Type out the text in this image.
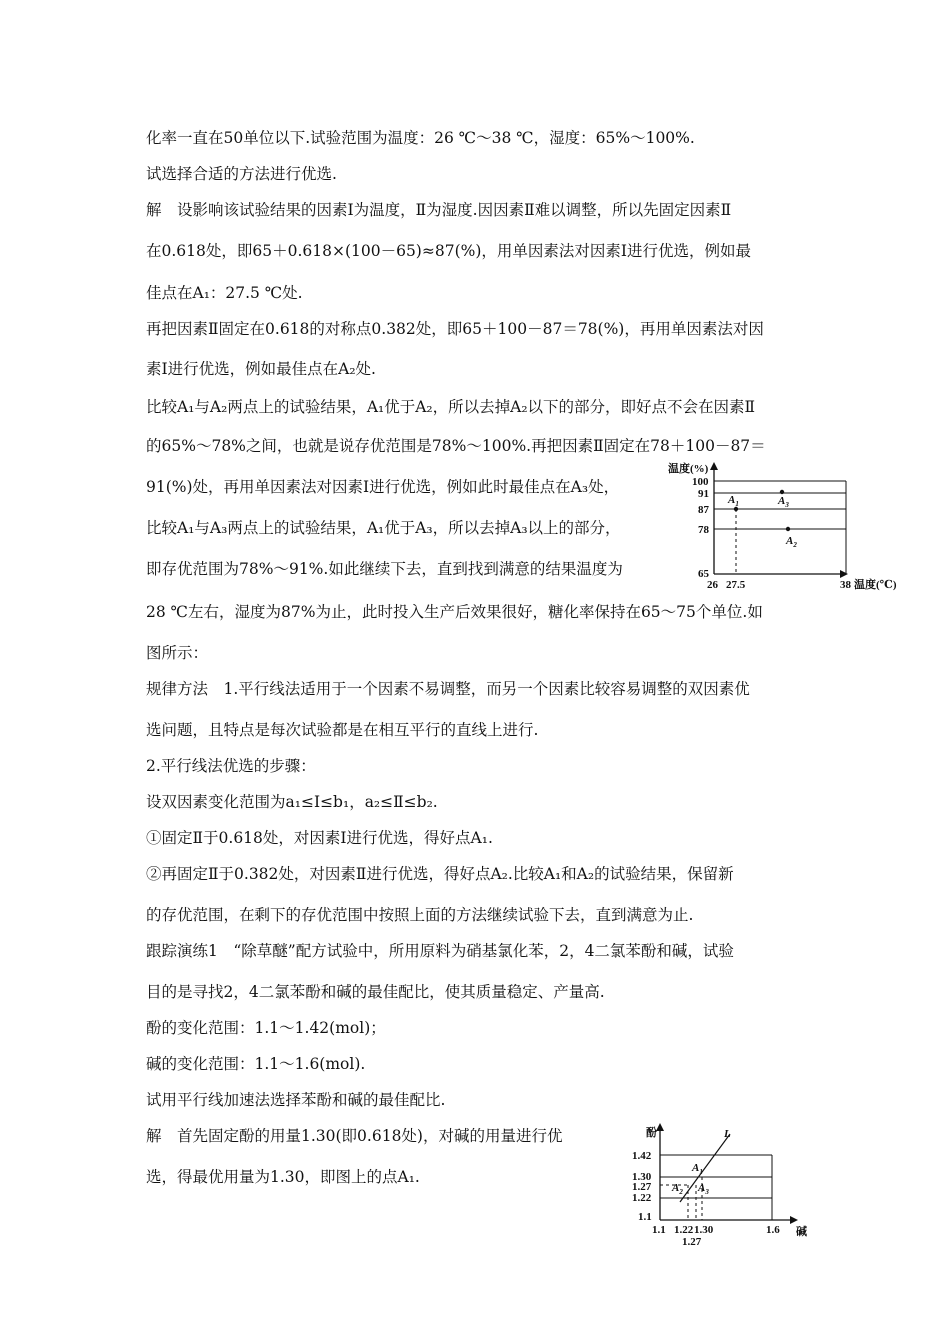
化率一直在50单位以下.试验范围为温度：26 ℃～38 ℃，湿度：65%～100%.
试选择合适的方法进行优选.
解　设影响该试验结果的因素Ⅰ为温度，Ⅱ为湿度.因因素Ⅱ难以调整，所以先固定因素Ⅱ
在0.618处，即65＋0.618×(100－65)≈87(%)，用单因素法对因素Ⅰ进行优选，例如最
佳点在A₁：27.5 ℃处.
再把因素Ⅱ固定在0.618的对称点0.382处，即65＋100－87＝78(%)，再用单因素法对因
素Ⅰ进行优选，例如最佳点在A₂处.
比较A₁与A₂两点上的试验结果，A₁优于A₂，所以去掉A₂以下的部分，即好点不会在因素Ⅱ
的65%～78%之间，也就是说存优范围是78%～100%.再把因素Ⅱ固定在78＋100－87＝
91(%)处，再用单因素法对因素Ⅰ进行优选，例如此时最佳点在A₃处，
比较A₁与A₃两点上的试验结果，A₁优于A₃，所以去掉A₃以上的部分，
即存优范围为78%～91%.如此继续下去，直到找到满意的结果温度为
28 ℃左右，湿度为87%为止，此时投入生产后效果很好，糖化率保持在65～75个单位.如
图所示：
规律方法　1.平行线法适用于一个因素不易调整，而另一个因素比较容易调整的双因素优
选问题，且特点是每次试验都是在相互平行的直线上进行.
2.平行线法优选的步骤：
设双因素变化范围为a₁≤Ⅰ≤b₁，a₂≤Ⅱ≤b₂.
①固定Ⅱ于0.618处，对因素Ⅰ进行优选，得好点A₁.
②再固定Ⅱ于0.382处，对因素Ⅱ进行优选，得好点A₂.比较A₁和A₂的试验结果，保留新
的存优范围，在剩下的存优范围中按照上面的方法继续试验下去，直到满意为止.
跟踪演练1　“除草醚”配方试验中，所用原料为硝基氯化苯，2，4二氯苯酚和碱，试验
目的是寻找2，4二氯苯酚和碱的最佳配比，使其质量稳定、产量高.
酚的变化范围：1.1～1.42(mol)；
碱的变化范围：1.1～1.6(mol).
试用平行线加速法选择苯酚和碱的最佳配比.
解　首先固定酚的用量1.30(即0.618处)，对碱的用量进行优
选，得最优用量为1.30，即图上的点A₁.
$A_1$	$A_3$
$A_2$
温度(%)
100
91
87
78
65
26 27.5	38 温度(℃)
L
$A_1$
$A_2$ $A_3$
酚
1.42
1.30
1.27
1.22
1.1
1.1 1.22 1.30
1.27
1.6 碱
